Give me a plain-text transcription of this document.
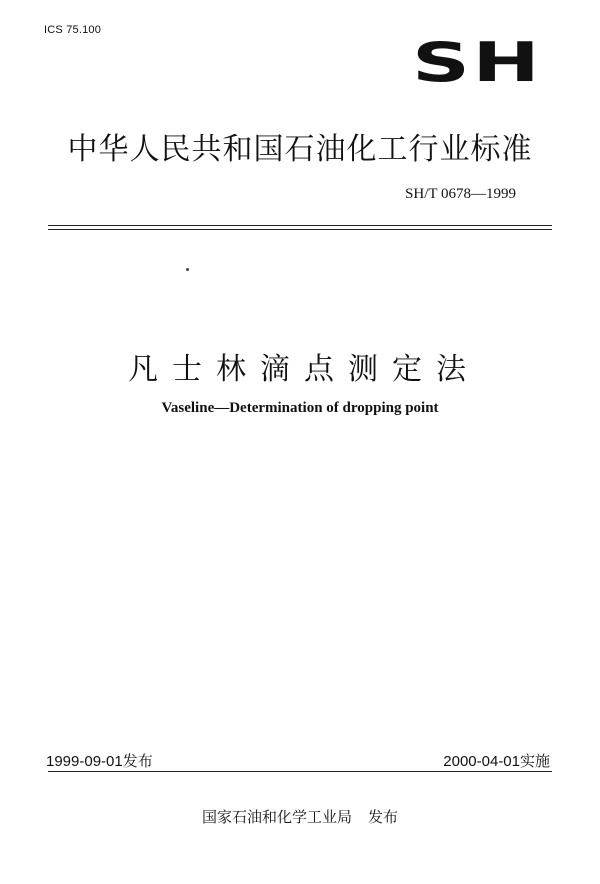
ICS 75.100
SH
中华人民共和国石油化工行业标准
SH/T 0678—1999
凡士林滴点测定法
Vaseline—Determination of dropping point
1999-09-01发布	2000-04-01实施
国家石油和化学工业局 发布
